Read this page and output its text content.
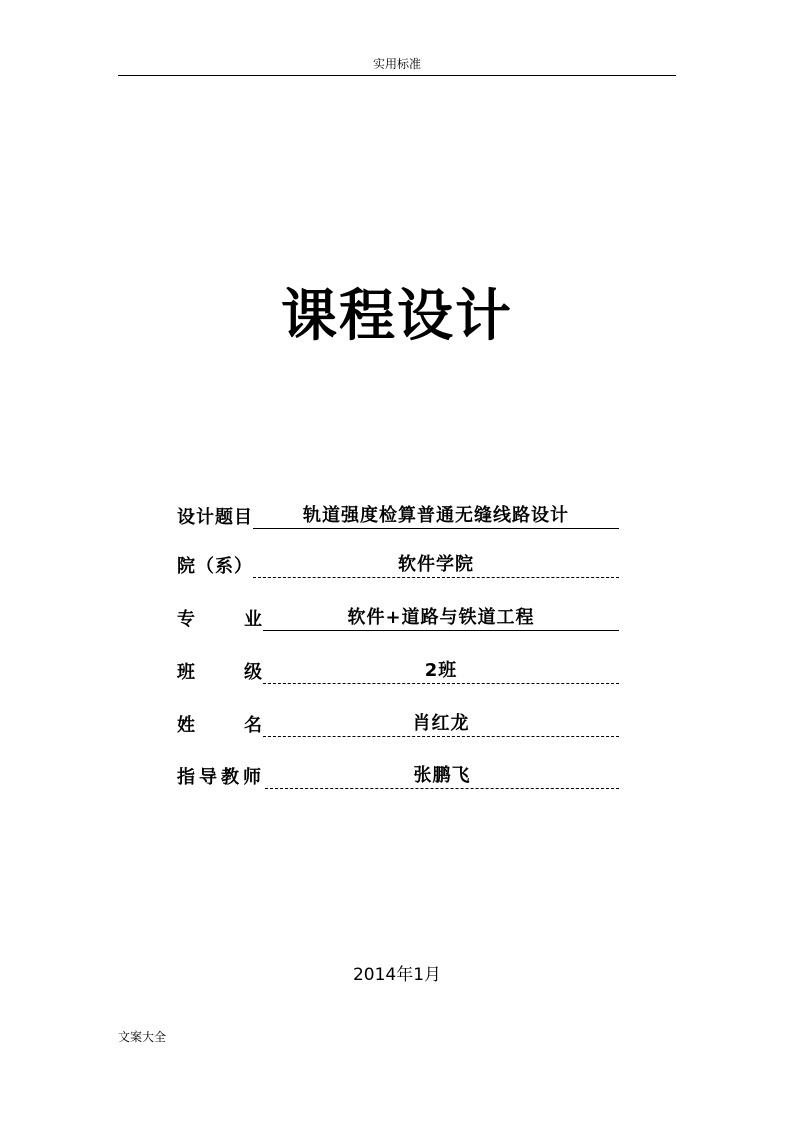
实用标准
课程设计
设计题目	轨道强度检算普通无缝线路设计
院（系）	软件学院
专	业	软件+道路与铁道工程
班	级	2班
姓	名	肖红龙
指导教师	张鹏飞
2014年1月
文案大全
